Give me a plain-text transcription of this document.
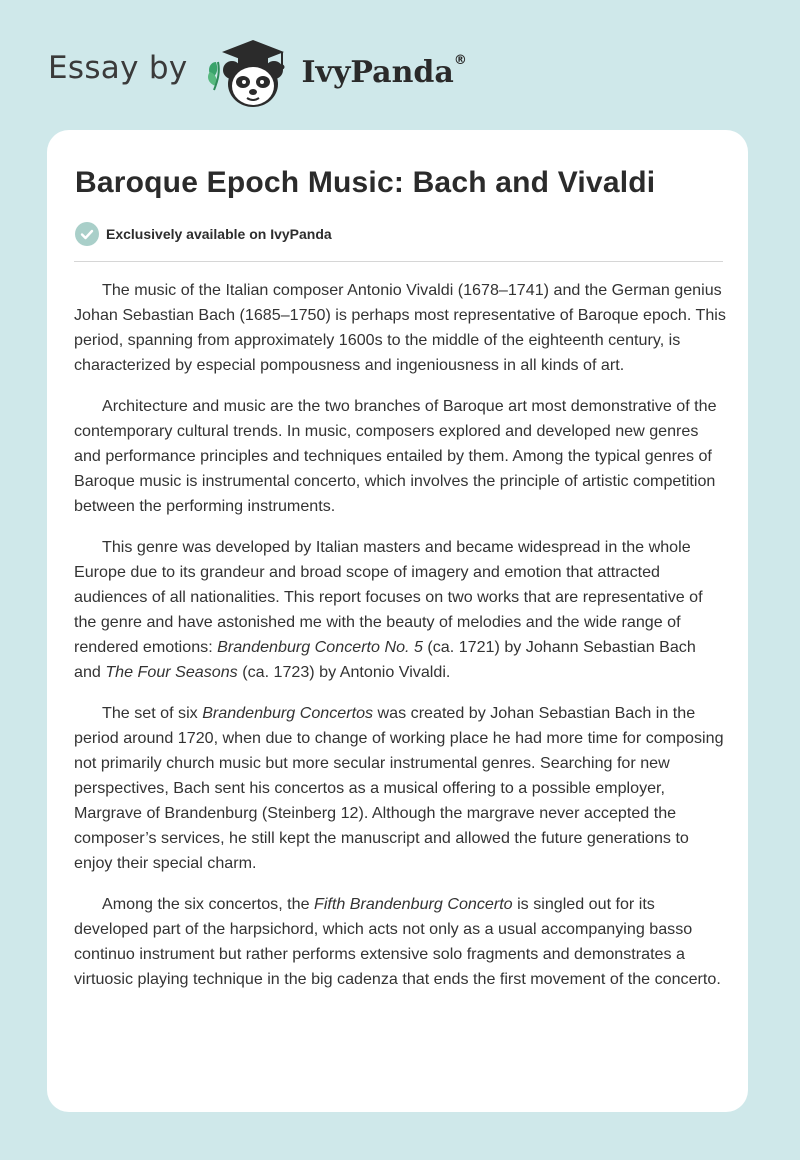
Essay by	IvyPanda®
Baroque Epoch Music: Bach and Vivaldi
Exclusively available on IvyPanda

The music of the Italian composer Antonio Vivaldi (1678–1741) and the German genius Johan Sebastian Bach (1685–1750) is perhaps most representative of Baroque epoch. This period, spanning from approximately 1600s to the middle of the eighteenth century, is characterized by especial pompousness and ingeniousness in all kinds of art.

Architecture and music are the two branches of Baroque art most demonstrative of the contemporary cultural trends. In music, composers explored and developed new genres and performance principles and techniques entailed by them. Among the typical genres of Baroque music is instrumental concerto, which involves the principle of artistic competition between the performing instruments.

This genre was developed by Italian masters and became widespread in the whole Europe due to its grandeur and broad scope of imagery and emotion that attracted audiences of all nationalities. This report focuses on two works that are representative of the genre and have astonished me with the beauty of melodies and the wide range of rendered emotions: Brandenburg Concerto No. 5 (ca. 1721) by Johann Sebastian Bach and The Four Seasons (ca. 1723) by Antonio Vivaldi.

The set of six Brandenburg Concertos was created by Johan Sebastian Bach in the period around 1720, when due to change of working place he had more time for composing not primarily church music but more secular instrumental genres. Searching for new perspectives, Bach sent his concertos as a musical offering to a possible employer, Margrave of Brandenburg (Steinberg 12). Although the margrave never accepted the composer’s services, he still kept the manuscript and allowed the future generations to enjoy their special charm.

Among the six concertos, the Fifth Brandenburg Concerto is singled out for its developed part of the harpsichord, which acts not only as a usual accompanying basso continuo instrument but rather performs extensive solo fragments and demonstrates a virtuosic playing technique in the big cadenza that ends the first movement of the concerto.
